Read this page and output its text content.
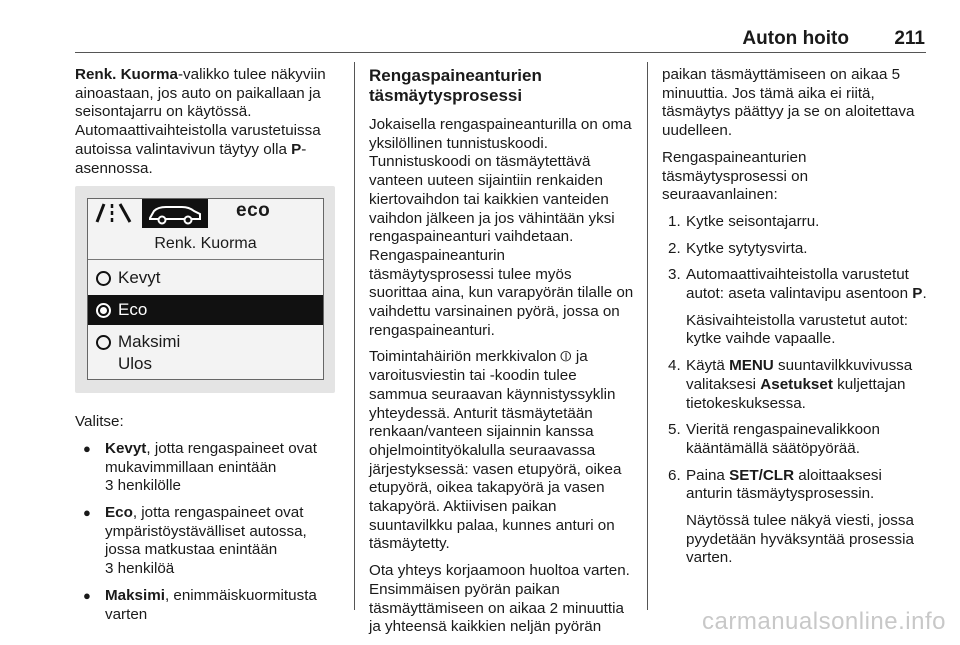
Auton hoito 211

Renk. Kuorma-valikko tulee näkyviin ainoastaan, jos auto on paikallaan ja seisontajarru on käytössä. Automaattivaihteistolla varustetuissa autoissa valintavivun täytyy olla P-asennossa.

eco
Renk. Kuorma
Kevyt
Eco
Maksimi
Ulos

Valitse:

● Kevyt, jotta rengaspaineet ovat
mukavimmillaan enintään
3 henkilölle
● Eco, jotta rengaspaineet ovat
ympäristöystävälliset autossa,
jossa matkustaa enintään
3 henkilöä
● Maksimi, enimmäiskuormitusta
varten
Rengaspaineanturien
täsmäytysprosessi

Jokaisella rengaspaineanturilla on oma yksilöllinen tunnistuskoodi. Tunnistuskoodi on täsmäytettävä vanteen uuteen sijaintiin renkaiden kiertovaihdon tai kaikkien vanteiden vaihdon jälkeen ja jos vähintään yksi rengaspaineanturi vaihdetaan. Rengaspaineanturin täsmäytysprosessi tulee myös suorittaa aina, kun varapyörän tilalle on vaihdettu varsinainen pyörä, jossa on rengaspaineanturi.

Toimintahäiriön merkkivalon ⦶ ja varoitusviestin tai -koodin tulee sammua seuraavan käynnistyssyklin yhteydessä. Anturit täsmäytetään renkaan/vanteen sijainnin kanssa ohjelmointityökalulla seuraavassa järjestyksessä: vasen etupyörä, oikea etupyörä, oikea takapyörä ja vasen takapyörä. Aktiivisen paikan suuntavilkku palaa, kunnes anturi on täsmäytetty.

Ota yhteys korjaamoon huoltoa varten. Ensimmäisen pyörän paikan täsmäyttämiseen on aikaa 2 minuuttia ja yhteensä kaikkien neljän pyörän

paikan täsmäyttämiseen on aikaa 5 minuuttia. Jos tämä aika ei riitä, täsmäytys päättyy ja se on aloitettava uudelleen.

Rengaspaineanturien täsmäytysprosessi on seuraavanlainen:

1. Kytke seisontajarru.
2. Kytke sytytysvirta.
3. Automaattivaihteistolla varustetut autot: aseta valintavipu asentoon P.

Käsivaihteistolla varustetut autot: kytke vaihde vapaalle.

4. Käytä MENU suuntavilkkuvivussa valitaksesi Asetukset kuljettajan tietokeskuksessa.
5. Vieritä rengaspainevalikkoon kääntämällä säätöpyörää.
6. Paina SET/CLR aloittaaksesi anturin täsmäytysprosessin.

Näytössä tulee näkyä viesti, jossa pyydetään hyväksyntää prosessia varten.

carmanualsonline.info
